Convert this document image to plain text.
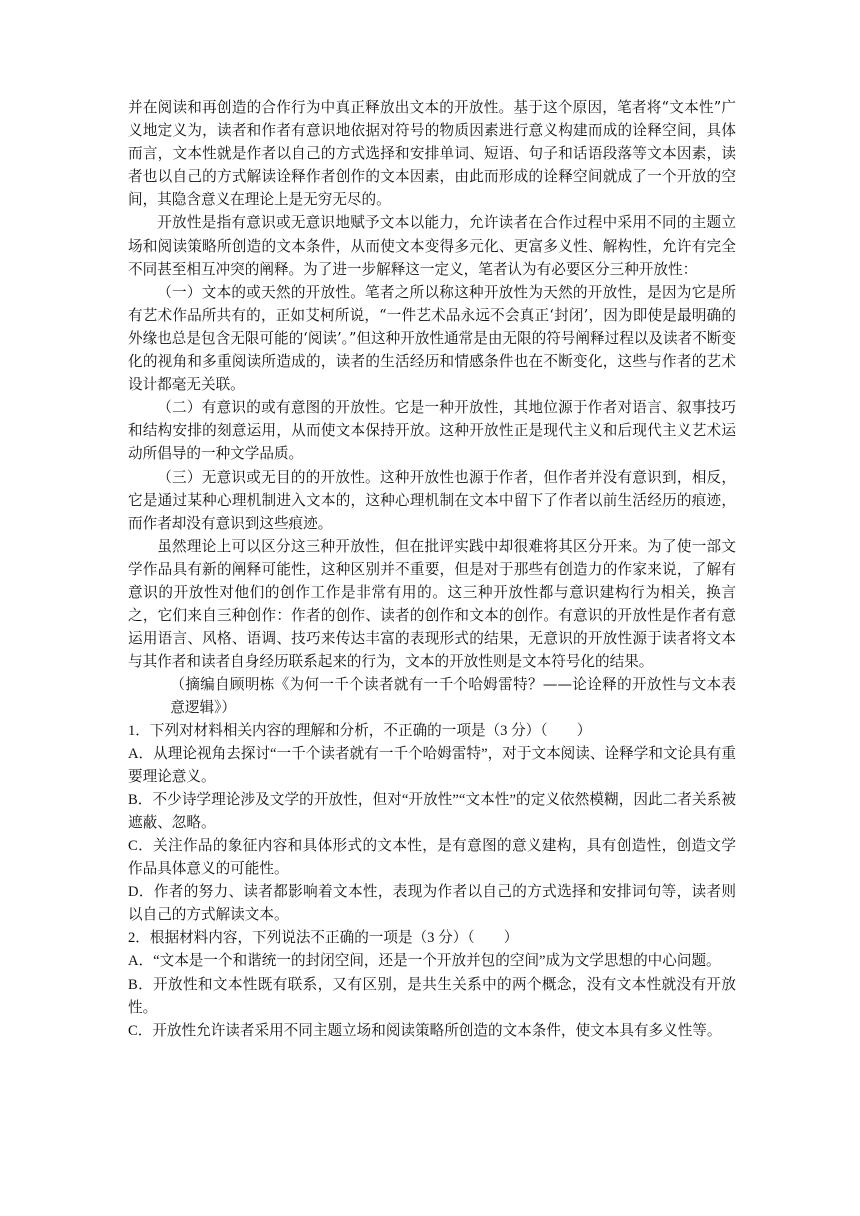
并在阅读和再创造的合作行为中真正释放出文本的开放性。基于这个原因，笔者将“文本性”广义地定义为，读者和作者有意识地依据对符号的物质因素进行意义构建而成的诠释空间，具体而言，文本性就是作者以自己的方式选择和安排单词、短语、句子和话语段落等文本因素，读者也以自己的方式解读诠释作者创作的文本因素，由此而形成的诠释空间就成了一个开放的空间，其隐含意义在理论上是无穷无尽的。

开放性是指有意识或无意识地赋予文本以能力，允许读者在合作过程中采用不同的主题立场和阅读策略所创造的文本条件，从而使文本变得多元化、更富多义性、解构性，允许有完全不同甚至相互冲突的阐释。为了进一步解释这一定义，笔者认为有必要区分三种开放性：

（一）文本的或天然的开放性。笔者之所以称这种开放性为天然的开放性，是因为它是所有艺术作品所共有的，正如艾柯所说，“一件艺术品永远不会真正‘封闭’，因为即使是最明确的外缘也总是包含无限可能的‘阅读’。”但这种开放性通常是由无限的符号阐释过程以及读者不断变化的视角和多重阅读所造成的，读者的生活经历和情感条件也在不断变化，这些与作者的艺术设计都毫无关联。

（二）有意识的或有意图的开放性。它是一种开放性，其地位源于作者对语言、叙事技巧和结构安排的刻意运用，从而使文本保持开放。这种开放性正是现代主义和后现代主义艺术运动所倡导的一种文学品质。

（三）无意识或无目的的开放性。这种开放性也源于作者，但作者并没有意识到，相反，它是通过某种心理机制进入文本的，这种心理机制在文本中留下了作者以前生活经历的痕迹，而作者却没有意识到这些痕迹。

虽然理论上可以区分这三种开放性，但在批评实践中却很难将其区分开来。为了使一部文学作品具有新的阐释可能性，这种区别并不重要，但是对于那些有创造力的作家来说，了解有意识的开放性对他们的创作工作是非常有用的。这三种开放性都与意识建构行为相关，换言之，它们来自三种创作：作者的创作、读者的创作和文本的创作。有意识的开放性是作者有意运用语言、风格、语调、技巧来传达丰富的表现形式的结果，无意识的开放性源于读者将文本与其作者和读者自身经历联系起来的行为，文本的开放性则是文本符号化的结果。

（摘编自顾明栋《为何一千个读者就有一千个哈姆雷特？——论诠释的开放性与文本表意逻辑》）

1．下列对材料相关内容的理解和分析，不正确的一项是（3 分）（　　）

A．从理论视角去探讨“一千个读者就有一千个哈姆雷特”，对于文本阅读、诠释学和文论具有重要理论意义。

B．不少诗学理论涉及文学的开放性，但对“开放性”“文本性”的定义依然模糊，因此二者关系被遮蔽、忽略。

C．关注作品的象征内容和具体形式的文本性，是有意图的意义建构，具有创造性，创造文学作品具体意义的可能性。

D．作者的努力、读者都影响着文本性，表现为作者以自己的方式选择和安排词句等，读者则以自己的方式解读文本。

2．根据材料内容，下列说法不正确的一项是（3 分）（　　）

A．“文本是一个和谐统一的封闭空间，还是一个开放并包的空间”成为文学思想的中心问题。

B．开放性和文本性既有联系，又有区别，是共生关系中的两个概念，没有文本性就没有开放性。

C．开放性允许读者采用不同主题立场和阅读策略所创造的文本条件，使文本具有多义性等。
